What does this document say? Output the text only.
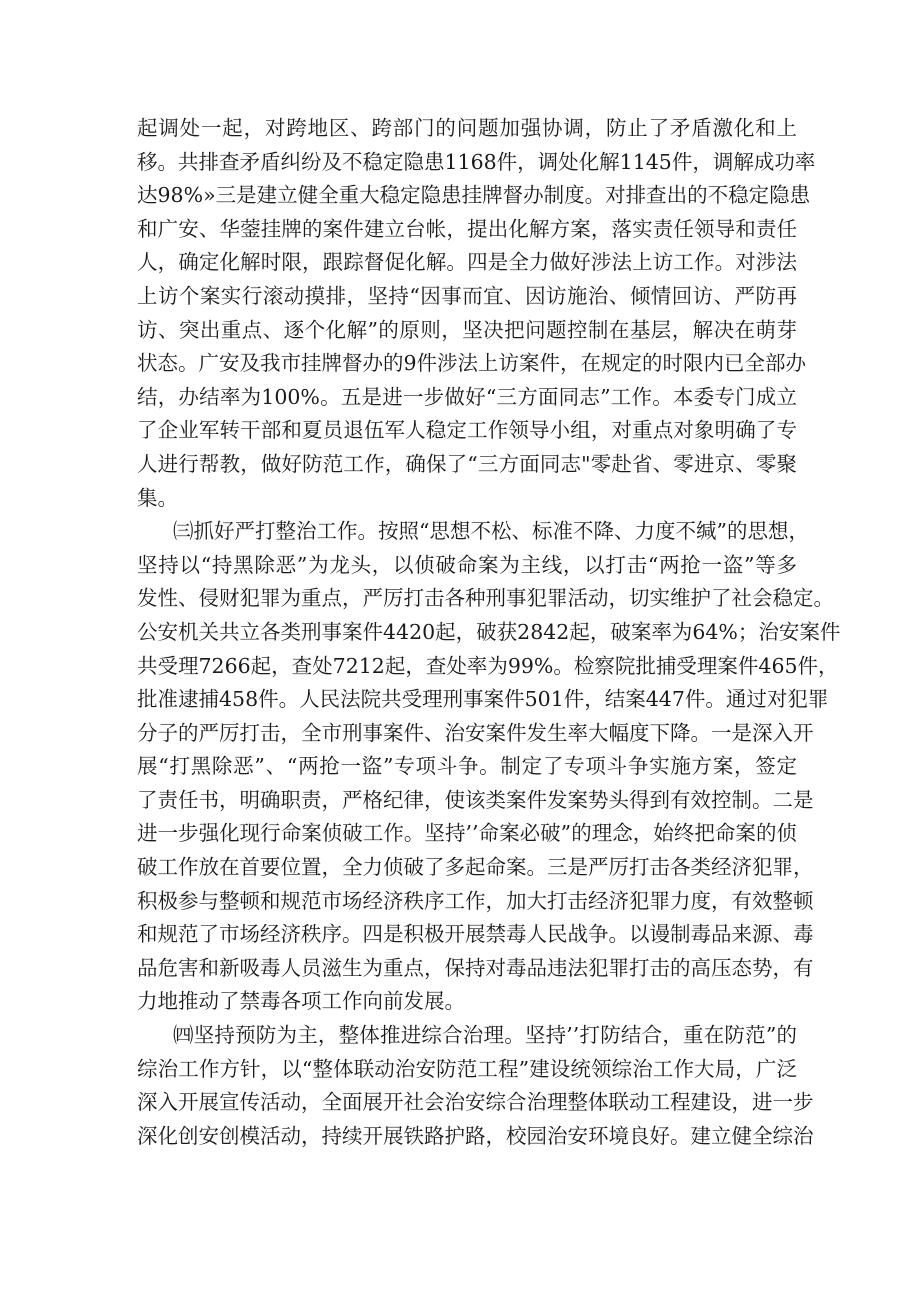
起调处一起，对跨地区、跨部门的问题加强协调，防止了矛盾激化和上
移。共排查矛盾纠纷及不稳定隐患1168件，调处化解1145件，调解成功率
达98%»三是建立健全重大稳定隐患挂牌督办制度。对排查出的不稳定隐患
和广安、华蓥挂牌的案件建立台帐，提出化解方案，落实责任领导和责任
人，确定化解时限，跟踪督促化解。四是全力做好涉法上访工作。对涉法
上访个案实行滚动摸排，坚持“因事而宜、因访施治、倾情回访、严防再
访、突出重点、逐个化解”的原则，坚决把问题控制在基层，解决在萌芽
状态。广安及我市挂牌督办的9件涉法上访案件，在规定的时限内已全部办
结，办结率为100%。五是进一步做好“三方面同志”工作。本委专门成立
了企业军转干部和夏员退伍军人稳定工作领导小组，对重点对象明确了专
人进行帮教，做好防范工作，确保了“三方面同志"零赴省、零进京、零聚
集。
㈢抓好严打整治工作。按照“思想不松、标准不降、力度不缄”的思想，
坚持以“持黑除恶”为龙头，以侦破命案为主线，以打击“两抢一盗”等多
发性、侵财犯罪为重点，严厉打击各种刑事犯罪活动，切实维护了社会稳定。
公安机关共立各类刑事案件4420起，破获2842起，破案率为64%；治安案件
共受理7266起，查处7212起，查处率为99%。检察院批捕受理案件465件，
批准逮捕458件。人民法院共受理刑事案件501件，结案447件。通过对犯罪
分子的严厉打击，全市刑事案件、治安案件发生率大幅度下降。一是深入开
展“打黑除恶”、“两抢一盜”专项斗争。制定了专项斗争实施方案，签定
了责任书，明确职责，严格纪律，使该类案件发案势头得到有效控制。二是
进一步强化现行命案侦破工作。坚持’’命案必破”的理念，始终把命案的侦
破工作放在首要位置，全力侦破了多起命案。三是严厉打击各类经济犯罪，
积极参与整顿和规范市场经济秩序工作，加大打击经济犯罪力度，有效整顿
和规范了市场经济秩序。四是积极开展禁毒人民战争。以谩制毒品来源、毒
品危害和新吸毒人员滋生为重点，保持对毒品违法犯罪打击的高压态势，有
力地推动了禁毒各项工作向前发展。
㈣坚持预防为主，整体推进综合治理。坚持’’打防结合，重在防范”的
综治工作方针，以“整体联动治安防范工程”建设统领综治工作大局，广泛
深入开展宣传活动，全面展开社会治安综合治理整体联动工程建设，进一步
深化创安创模活动，持续开展铁路护路，校园治安环境良好。建立健全综治
